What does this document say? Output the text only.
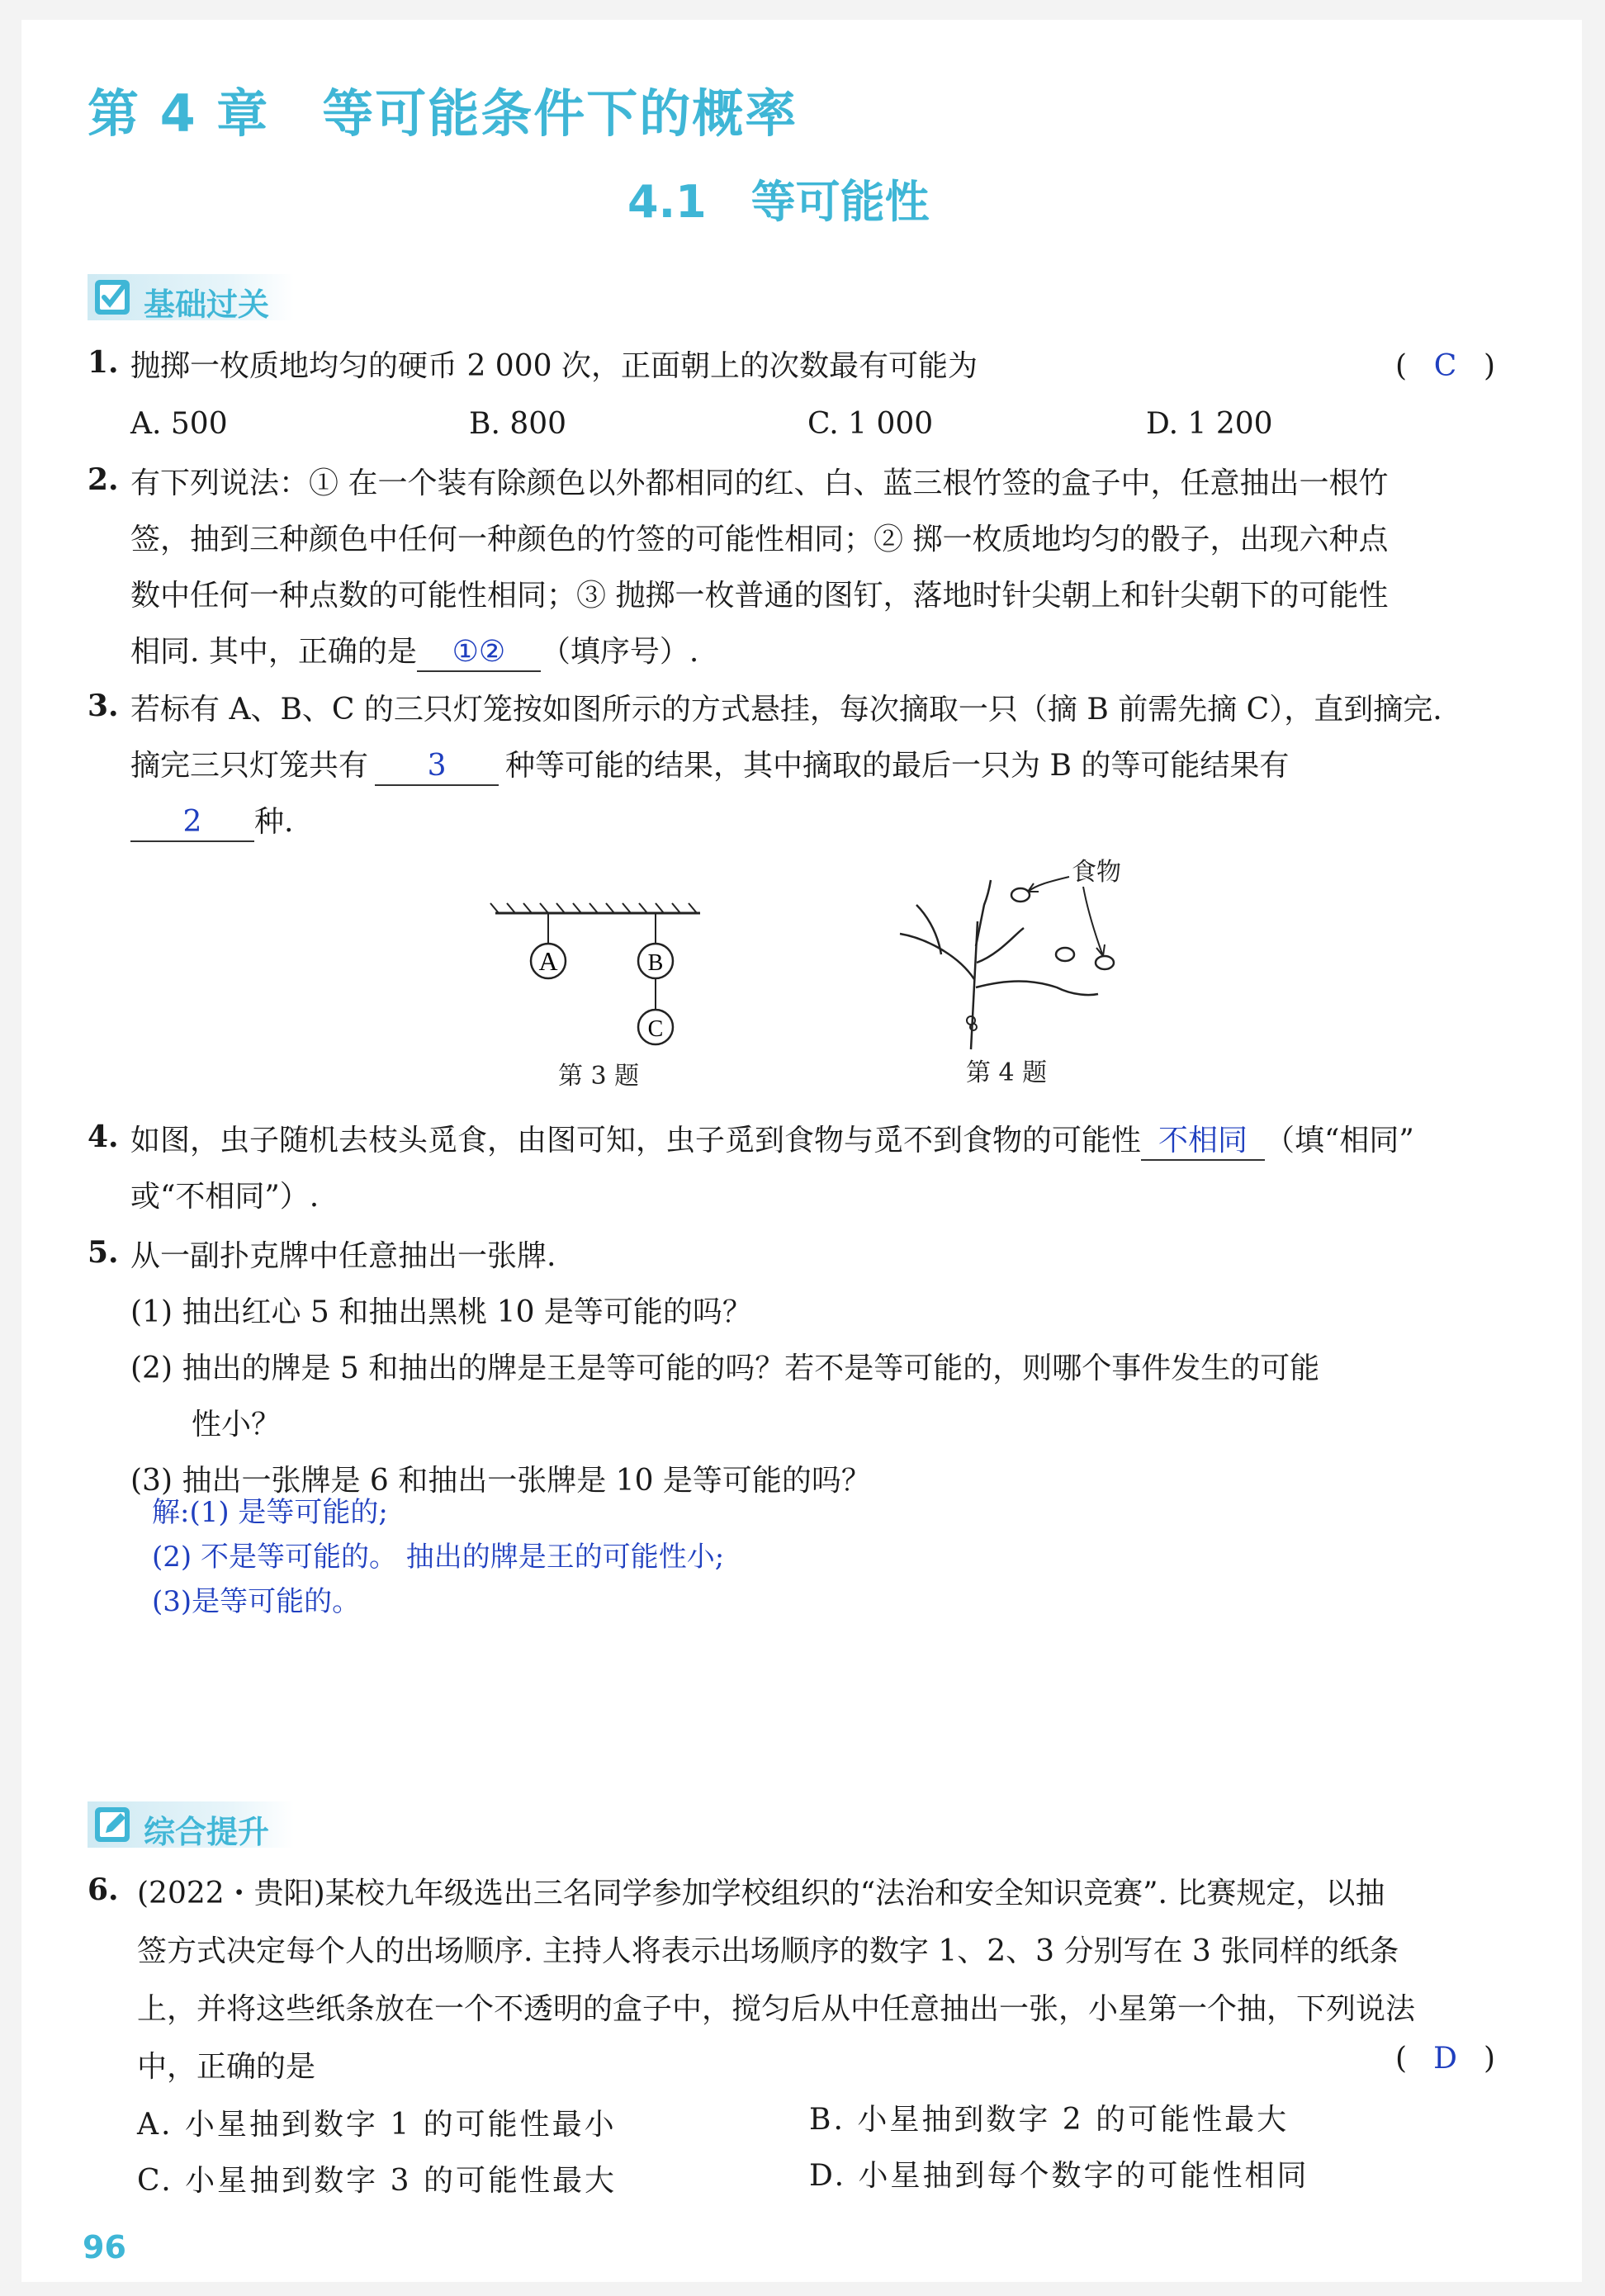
第 4 章　等可能条件下的概率
4.1　等可能性
基础过关
1. 抛掷一枚质地均匀的硬币 2 000 次，正面朝上的次数最有可能为	( C )
A. 500	B. 800	C. 1 000	D. 1 200
2. 有下列说法：① 在一个装有除颜色以外都相同的红、白、蓝三根竹签的盒子中，任意抽出一根竹
签，抽到三种颜色中任何一种颜色的竹签的可能性相同；② 掷一枚质地均匀的骰子，出现六种点
数中任何一种点数的可能性相同；③ 抛掷一枚普通的图钉，落地时针尖朝上和针尖朝下的可能性
相同. 其中，正确的是 ①② （填序号）.
3. 若标有 A、B、C 的三只灯笼按如图所示的方式悬挂，每次摘取一只（摘 B 前需先摘 C），直到摘完.
摘完三只灯笼共有 3 种等可能的结果，其中摘取的最后一只为 B 的等可能结果有
2 种.
A	B
C
第 3 题
食物
第 4 题
4. 如图，虫子随机去枝头觅食，由图可知，虫子觅到食物与觅不到食物的可能性 不相同 （填“相同”
或“不相同”）.
5. 从一副扑克牌中任意抽出一张牌.
(1) 抽出红心 5 和抽出黑桃 10 是等可能的吗？
(2) 抽出的牌是 5 和抽出的牌是王是等可能的吗？若不是等可能的，则哪个事件发生的可能
性小？
(3) 抽出一张牌是 6 和抽出一张牌是 10 是等可能的吗？
解:(1) 是等可能的;
(2) 不是等可能的。 抽出的牌是王的可能性小;
(3)是等可能的。
综合提升
6. (2022・贵阳)某校九年级选出三名同学参加学校组织的“法治和安全知识竞赛”. 比赛规定，以抽
签方式决定每个人的出场顺序. 主持人将表示出场顺序的数字 1、2、3 分别写在 3 张同样的纸条
上，并将这些纸条放在一个不透明的盒子中，搅匀后从中任意抽出一张，小星第一个抽，下列说法
中，正确的是	( D )
A. 小星抽到数字 1 的可能性最小	B. 小星抽到数字 2 的可能性最大
C. 小星抽到数字 3 的可能性最大	D. 小星抽到每个数字的可能性相同
96
